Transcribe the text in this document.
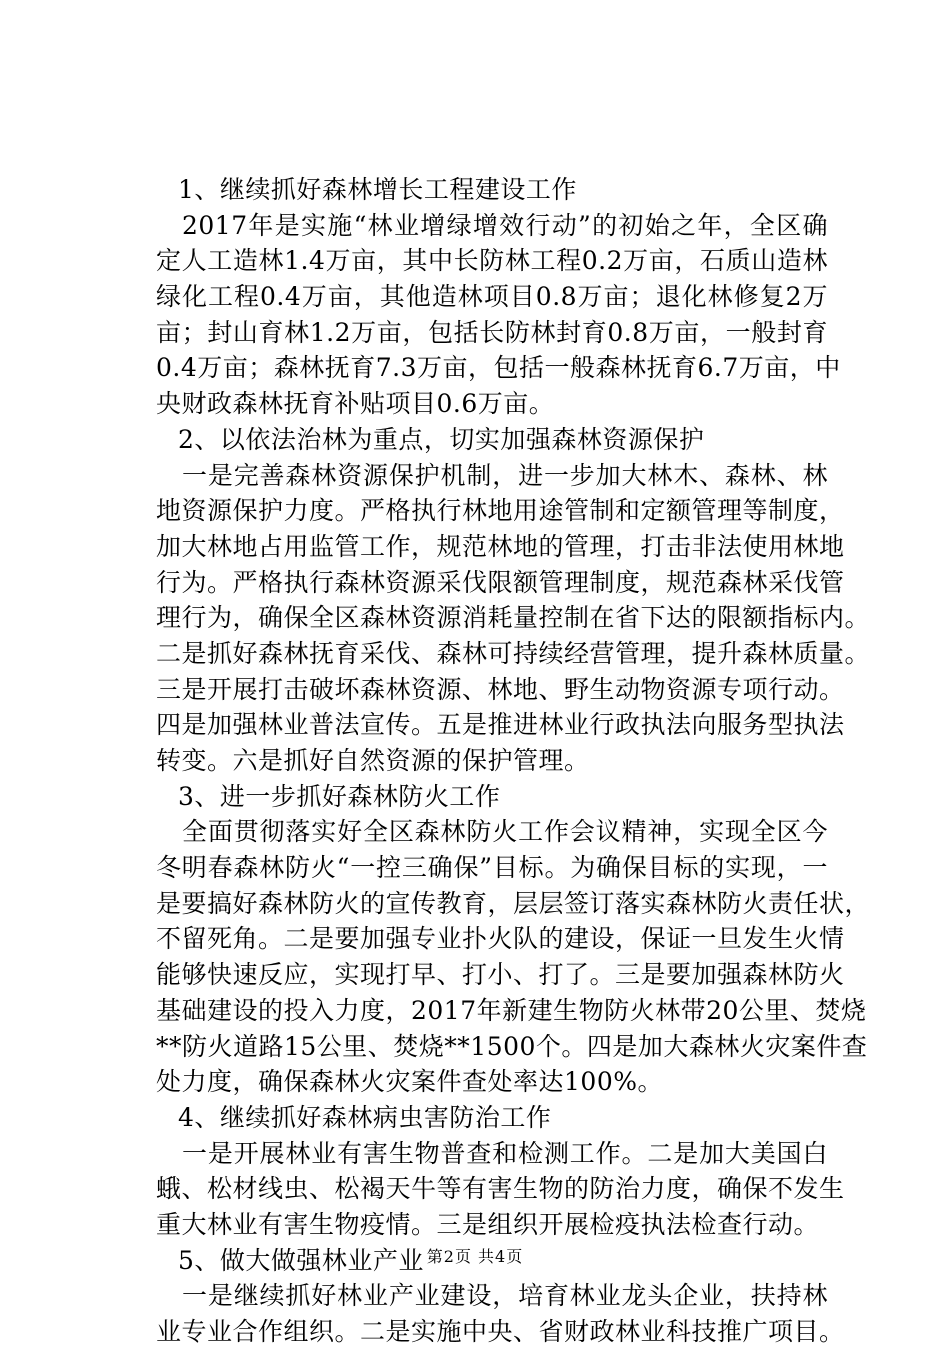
1、继续抓好森林增长工程建设工作
2017年是实施“林业增绿增效行动”的初始之年，全区确
定人工造林1.4万亩，其中长防林工程0.2万亩，石质山造林
绿化工程0.4万亩，其他造林项目0.8万亩；退化林修复2万
亩；封山育林1.2万亩，包括长防林封育0.8万亩，一般封育
0.4万亩；森林抚育7.3万亩，包括一般森林抚育6.7万亩，中
央财政森林抚育补贴项目0.6万亩。
2、以依法治林为重点，切实加强森林资源保护
一是完善森林资源保护机制，进一步加大林木、森林、林
地资源保护力度。严格执行林地用途管制和定额管理等制度，
加大林地占用监管工作，规范林地的管理，打击非法使用林地
行为。严格执行森林资源采伐限额管理制度，规范森林采伐管
理行为，确保全区森林资源消耗量控制在省下达的限额指标内。
二是抓好森林抚育采伐、森林可持续经营管理，提升森林质量。
三是开展打击破坏森林资源、林地、野生动物资源专项行动。
四是加强林业普法宣传。五是推进林业行政执法向服务型执法
转变。六是抓好自然资源的保护管理。
3、进一步抓好森林防火工作
全面贯彻落实好全区森林防火工作会议精神，实现全区今
冬明春森林防火“一控三确保”目标。为确保目标的实现，一
是要搞好森林防火的宣传教育，层层签订落实森林防火责任状，
不留死角。二是要加强专业扑火队的建设，保证一旦发生火情
能够快速反应，实现打早、打小、打了。三是要加强森林防火
基础建设的投入力度，2017年新建生物防火林带20公里、焚烧
**防火道路15公里、焚烧**1500个。四是加大森林火灾案件查
处力度，确保森林火灾案件查处率达100%。
4、继续抓好森林病虫害防治工作
一是开展林业有害生物普查和检测工作。二是加大美国白
蛾、松材线虫、松褐天牛等有害生物的防治力度，确保不发生
重大林业有害生物疫情。三是组织开展检疫执法检查行动。
5、做大做强林业产业
一是继续抓好林业产业建设，培育林业龙头企业，扶持林
业专业合作组织。二是实施中央、省财政林业科技推广项目。
第2页 共4页
